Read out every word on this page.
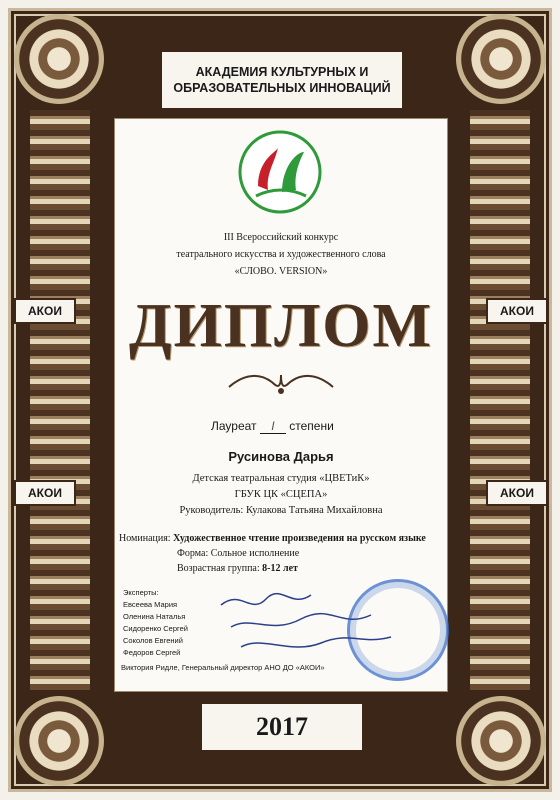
АКАДЕМИЯ КУЛЬТУРНЫХ И
ОБРАЗОВАТЕЛЬНЫХ ИННОВАЦИЙ
АКОИ	АКОИ
АКОИ	АКОИ
III Всероссийский конкурс
театрального искусства и художественного слова
«СЛОВО. VERSION»
ДИПЛОМ
Лауреат I степени
Русинова Дарья
Детская театральная студия «ЦВЕТиК»
ГБУК ЦК «СЦЕПА»
Руководитель: Кулакова Татьяна Михайловна
Номинация: Художественное чтение произведения на русском языке
Форма: Сольное исполнение
Возрастная группа: 8-12 лет
Эксперты:
Евсеева Мария
Оленина Наталья
Сидоренко Сергей
Соколов Евгений
Федоров Сергей
Виктория Ридле, Генеральный директор АНО ДО «АКОИ»
2017
